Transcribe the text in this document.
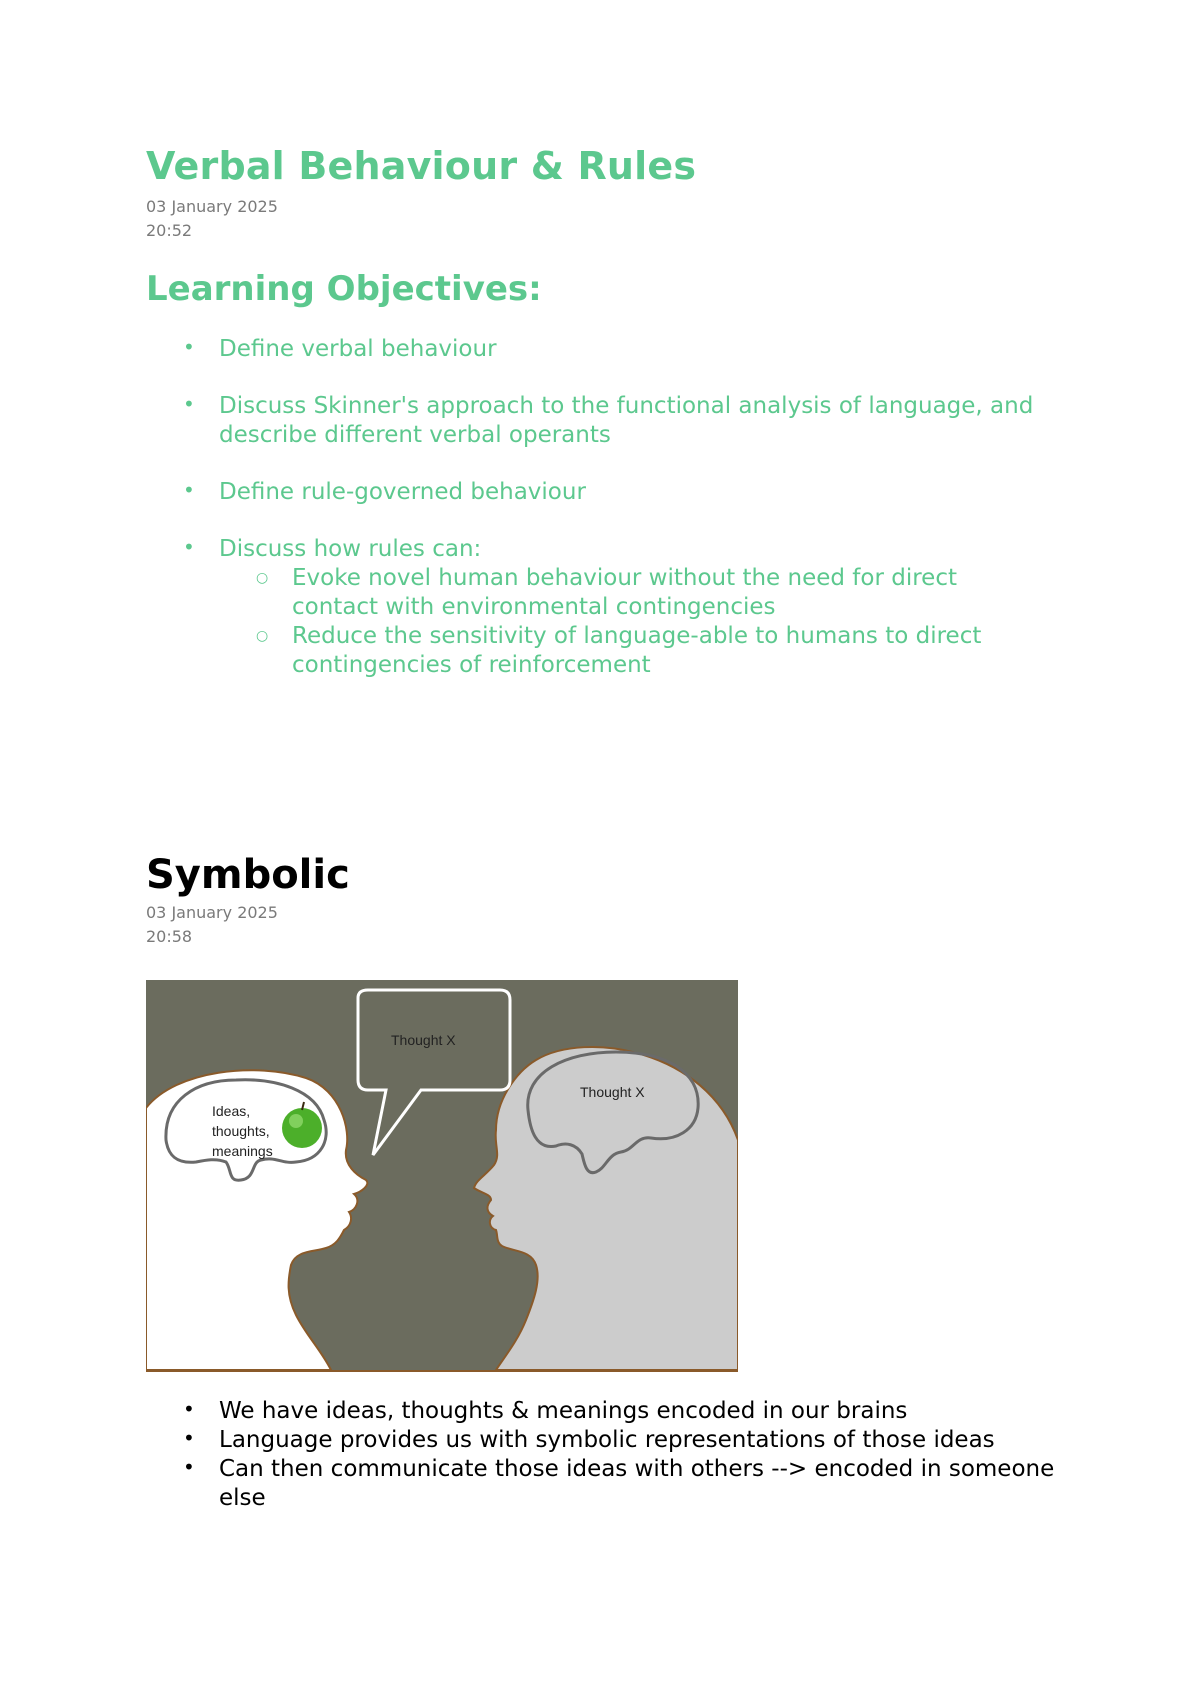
Verbal Behaviour & Rules

03 January 2025

20:52

Learning Objectives:
• Define verbal behaviour
• Discuss Skinner's approach to the functional analysis of language, and describe different verbal operants
• Define rule-governed behaviour
• Discuss how rules can:
○ Evoke novel human behaviour without the need for direct contact with environmental contingencies
○ Reduce the sensitivity of language-able to humans to direct contingencies of reinforcement
Symbolic

03 January 2025

20:58

Thought X
Thought X
Ideas,
thoughts,
meanings
• We have ideas, thoughts & meanings encoded in our brains
• Language provides us with symbolic representations of those ideas
• Can then communicate those ideas with others --> encoded in someone else
